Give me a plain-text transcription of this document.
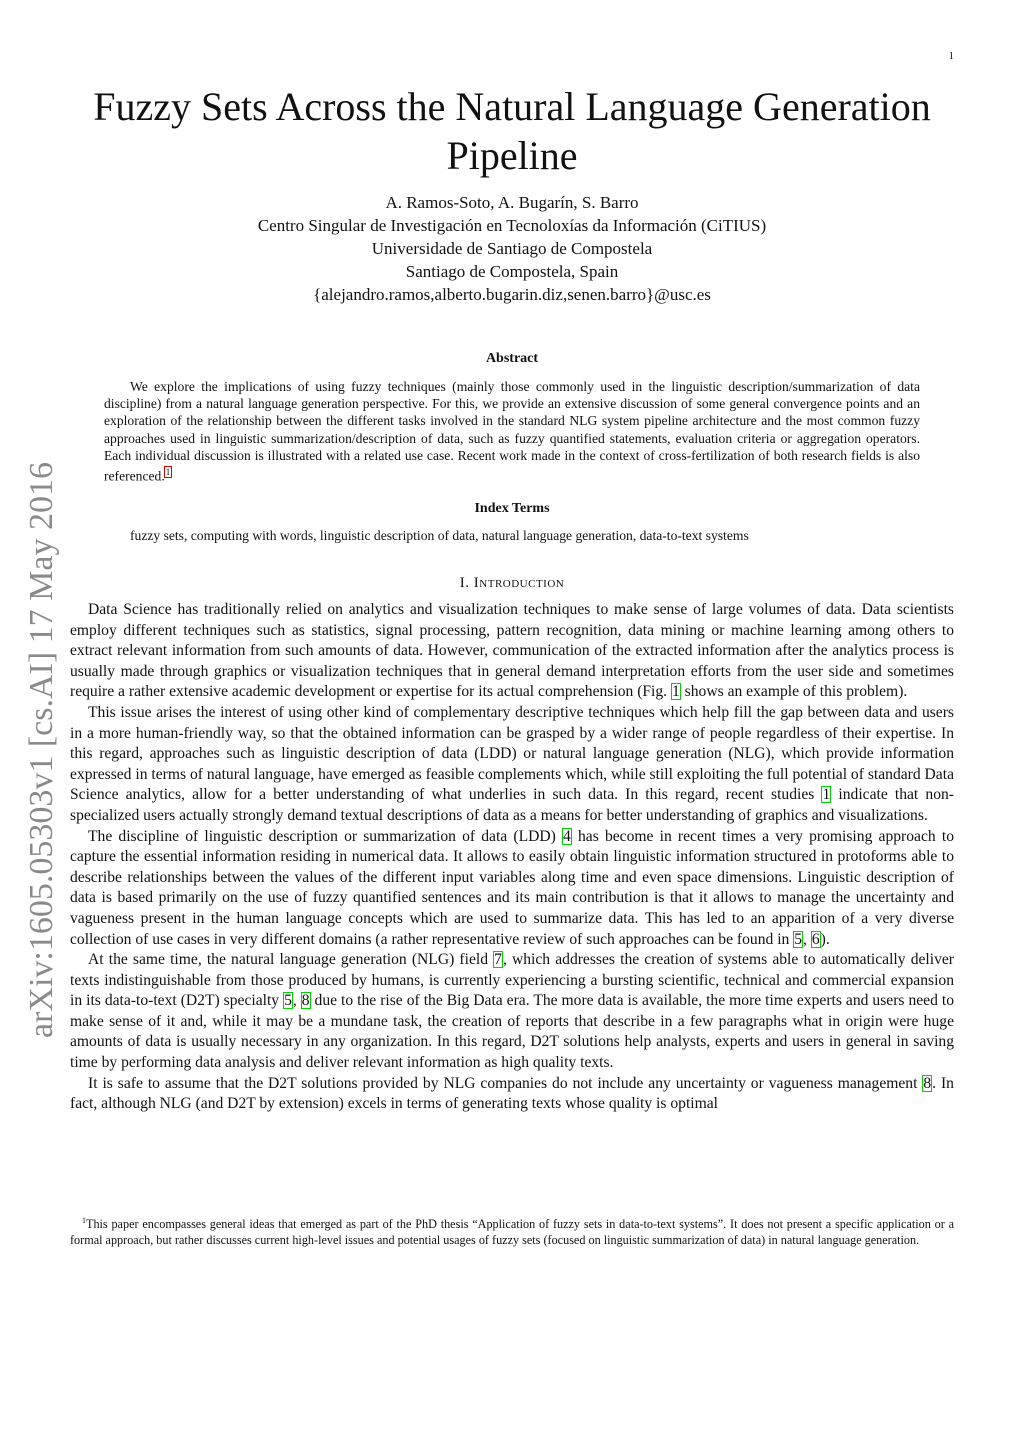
1
arXiv:1605.05303v1 [cs.AI] 17 May 2016
Fuzzy Sets Across the Natural Language Generation Pipeline
A. Ramos-Soto, A. Bugarín, S. Barro
Centro Singular de Investigación en Tecnoloxías da Información (CiTIUS)
Universidade de Santiago de Compostela
Santiago de Compostela, Spain
{alejandro.ramos,alberto.bugarin.diz,senen.barro}@usc.es
Abstract
We explore the implications of using fuzzy techniques (mainly those commonly used in the linguistic description/summarization of data discipline) from a natural language generation perspective. For this, we provide an extensive discussion of some general convergence points and an exploration of the relationship between the different tasks involved in the standard NLG system pipeline architecture and the most common fuzzy approaches used in linguistic summarization/description of data, such as fuzzy quantified statements, evaluation criteria or aggregation operators. Each individual discussion is illustrated with a related use case. Recent work made in the context of cross-fertilization of both research fields is also referenced.$^1$
Index Terms
fuzzy sets, computing with words, linguistic description of data, natural language generation, data-to-text systems
I. Introduction

Data Science has traditionally relied on analytics and visualization techniques to make sense of large volumes of data. Data scientists employ different techniques such as statistics, signal processing, pattern recognition, data mining or machine learning among others to extract relevant information from such amounts of data. However, communication of the extracted information after the analytics process is usually made through graphics or visualization techniques that in general demand interpretation efforts from the user side and sometimes require a rather extensive academic development or expertise for its actual comprehension (Fig. 1 shows an example of this problem).

This issue arises the interest of using other kind of complementary descriptive techniques which help fill the gap between data and users in a more human-friendly way, so that the obtained information can be grasped by a wider range of people regardless of their expertise. In this regard, approaches such as linguistic description of data (LDD) or natural language generation (NLG), which provide information expressed in terms of natural language, have emerged as feasible complements which, while still exploiting the full potential of standard Data Science analytics, allow for a better understanding of what underlies in such data. In this regard, recent studies 1 indicate that non-specialized users actually strongly demand textual descriptions of data as a means for better understanding of graphics and visualizations.

The discipline of linguistic description or summarization of data (LDD) 4 has become in recent times a very promising approach to capture the essential information residing in numerical data. It allows to easily obtain linguistic information structured in protoforms able to describe relationships between the values of the different input variables along time and even space dimensions. Linguistic description of data is based primarily on the use of fuzzy quantified sentences and its main contribution is that it allows to manage the uncertainty and vagueness present in the human language concepts which are used to summarize data. This has led to an apparition of a very diverse collection of use cases in very different domains (a rather representative review of such approaches can be found in 5, 6).

At the same time, the natural language generation (NLG) field 7, which addresses the creation of systems able to automatically deliver texts indistinguishable from those produced by humans, is currently experiencing a bursting scientific, technical and commercial expansion in its data-to-text (D2T) specialty 5, 8 due to the rise of the Big Data era. The more data is available, the more time experts and users need to make sense of it and, while it may be a mundane task, the creation of reports that describe in a few paragraphs what in origin were huge amounts of data is usually necessary in any organization. In this regard, D2T solutions help analysts, experts and users in general in saving time by performing data analysis and deliver relevant information as high quality texts.

It is safe to assume that the D2T solutions provided by NLG companies do not include any uncertainty or vagueness management 8. In fact, although NLG (and D2T by extension) excels in terms of generating texts whose quality is optimal

$^1$This paper encompasses general ideas that emerged as part of the PhD thesis “Application of fuzzy sets in data-to-text systems”. It does not present a specific application or a formal approach, but rather discusses current high-level issues and potential usages of fuzzy sets (focused on linguistic summarization of data) in natural language generation.
